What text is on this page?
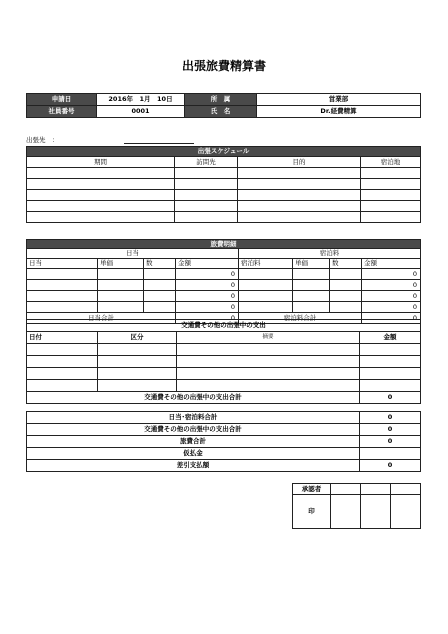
出張旅費精算書
申請日	2016年　1月　10日	所　属	営業部
社員番号	0001	氏　名	Dr.経費精算
出張先　：
出張スケジュール			
期間	訪問先	目的	宿泊地

旅費明細							
日当				宿泊料			
日当	単価	数	金額	宿泊料	単価	数	金額
			0				0
			0				0
			0				0
			0				0
日当合計			0	宿泊料合計			0
交通費その他の出張中の支出			
日付	区分	摘要	金額

交通費その他の出張中の支出合計			0
日当･宿泊料合計	0
交通費その他の出張中の支出合計	0
旅費合計	0
仮払金	
差引支払額	0
承認者			
印			
